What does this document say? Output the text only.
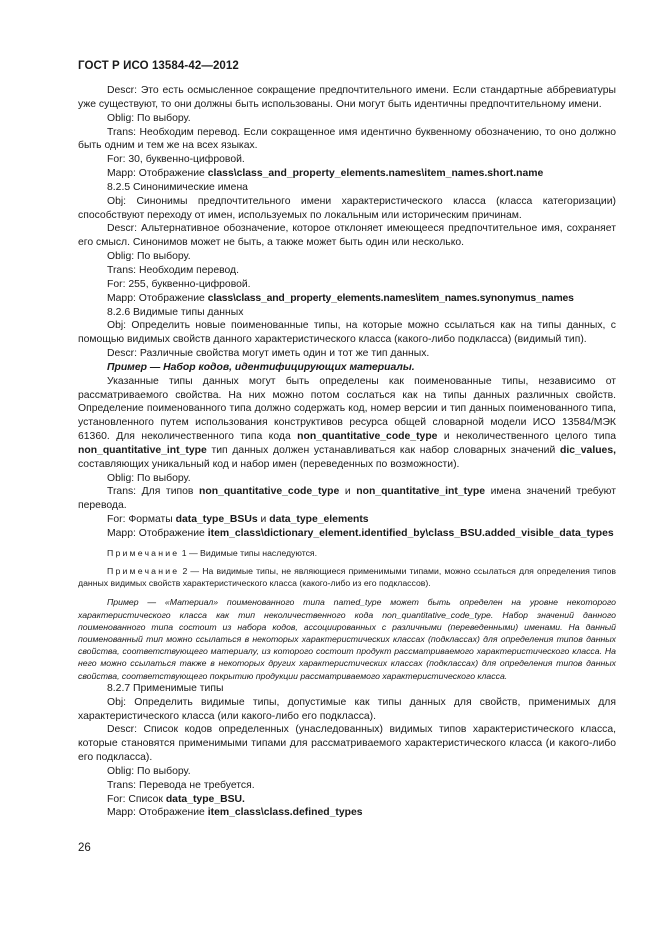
ГОСТ Р ИСО 13584-42—2012

Descr: Это есть осмысленное сокращение предпочтительного имени. Если стандартные аббревиатуры уже существуют, то они должны быть использованы. Они могут быть идентичны предпочтительному имени.

Oblig: По выбору.

Trans: Необходим перевод. Если сокращенное имя идентично буквенному обозначению, то оно должно быть одним и тем же на всех языках.

For: 30, буквенно-цифровой.

Mapp: Отображение class\class_and_property_elements.names\item_names.short.name

8.2.5 Синонимические имена

Obj: Синонимы предпочтительного имени характеристического класса (класса категоризации) способствуют переходу от имен, используемых по локальным или историческим причинам.

Descr: Альтернативное обозначение, которое отклоняет имеющееся предпочтительное имя, сохраняет его смысл. Синонимов может не быть, а также может быть один или несколько.

Oblig: По выбору.

Trans: Необходим перевод.

For: 255, буквенно-цифровой.

Mapp: Отображение class\class_and_property_elements.names\item_names.synonymus_names

8.2.6 Видимые типы данных

Obj: Определить новые поименованные типы, на которые можно ссылаться как на типы данных, с помощью видимых свойств данного характеристического класса (какого-либо подкласса) (видимый тип).

Descr: Различные свойства могут иметь один и тот же тип данных.

Пример — Набор кодов, идентифицирующих материалы.

Указанные типы данных могут быть определены как поименованные типы, независимо от рассматриваемого свойства. На них можно потом сослаться как на типы данных различных свойств. Определение поименованного типа должно содержать код, номер версии и тип данных поименованного типа, установленного путем использования конструктивов ресурса общей словарной модели ИСО 13584/МЭК 61360. Для неколичественного типа кода non_quantitative_code_type и неколичественного целого типа non_quantitative_int_type тип данных должен устанавливаться как набор словарных значений dic_values, составляющих уникальный код и набор имен (переведенных по возможности).

Oblig: По выбору.

Trans: Для типов non_quantitative_code_type и non_quantitative_int_type имена значений требуют перевода.

For: Форматы data_type_BSUs и data_type_elements

Mapp: Отображение item_class\dictionary_element.identified_by\class_BSU.added_visible_data_types

Примечание 1 — Видимые типы наследуются.

Примечание 2 — На видимые типы, не являющиеся применимыми типами, можно ссылаться для определения типов данных видимых свойств характеристического класса (какого-либо из его подклассов).

Пример — «Материал» поименованного типа named_type может быть определен на уровне некоторого характеристического класса как тип неколичественного кода non_quantitative_code_type. Набор значений данного поименованного типа состоит из набора кодов, ассоциированных с различными (переведенными) именами. На данный поименованный тип можно ссылаться в некоторых характеристических классах (подклассах) для определения типов данных свойства, соответствующего материалу, из которого состоит продукт рассматриваемого характеристического класса. На него можно ссылаться также в некоторых других характеристических классах (подклассах) для определения типов данных свойства, соответствующего покрытию продукции рассматриваемого характеристического класса.

8.2.7 Применимые типы

Obj: Определить видимые типы, допустимые как типы данных для свойств, применимых для характеристического класса (или какого-либо его подкласса).

Descr: Список кодов определенных (унаследованных) видимых типов характеристического класса, которые становятся применимыми типами для рассматриваемого характеристического класса (и какого-либо его подкласса).

Oblig: По выбору.

Trans: Перевода не требуется.

For: Список data_type_BSU.

Mapp: Отображение item_class\class.defined_types

26
